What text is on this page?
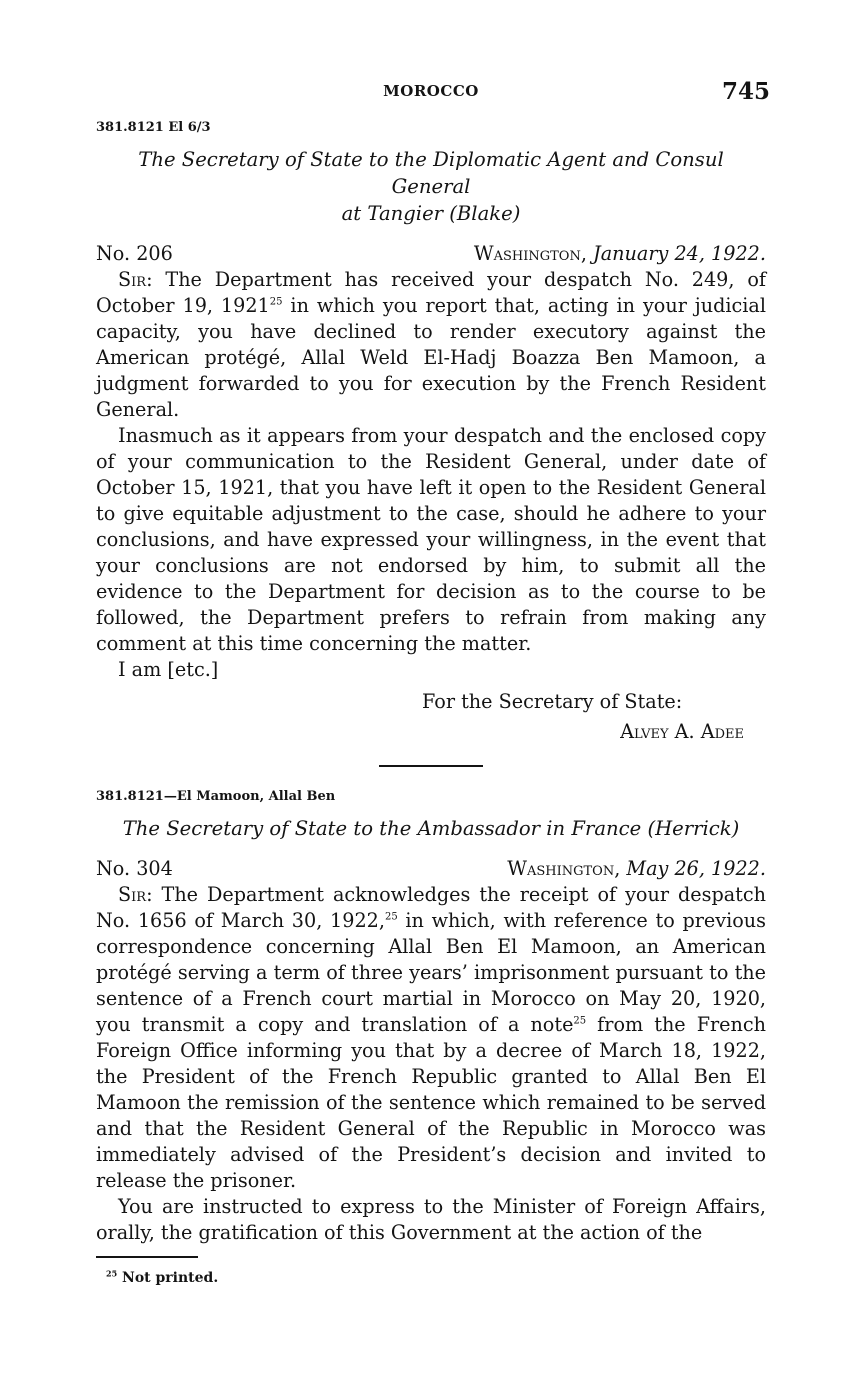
MOROCCO	745
381.8121 El 6/3
The Secretary of State to the Diplomatic Agent and Consul General
at Tangier (Blake)
No. 206	Washington, January 24, 1922.

Sir: The Department has received your despatch No. 249, of October 19, 1921$^{25}$ in which you report that, acting in your judicial capacity, you have declined to render executory against the American protégé, Allal Weld El-Hadj Boazza Ben Mamoon, a judgment forwarded to you for execution by the French Resident General.

Inasmuch as it appears from your despatch and the enclosed copy of your communication to the Resident General, under date of October 15, 1921, that you have left it open to the Resident General to give equitable adjustment to the case, should he adhere to your conclusions, and have expressed your willingness, in the event that your conclusions are not endorsed by him, to submit all the evidence to the Department for decision as to the course to be followed, the Department prefers to refrain from making any comment at this time concerning the matter.

I am [etc.]
For the Secretary of State:
Alvey A. Adee
381.8121—El Mamoon, Allal Ben
The Secretary of State to the Ambassador in France (Herrick)
No. 304	Washington, May 26, 1922.

Sir: The Department acknowledges the receipt of your despatch No. 1656 of March 30, 1922,25 in which, with reference to previous correspondence concerning Allal Ben El Mamoon, an American protégé serving a term of three years’ imprisonment pursuant to the sentence of a French court martial in Morocco on May 20, 1920, you transmit a copy and translation of a note$^{25}$ from the French Foreign Office informing you that by a decree of March 18, 1922, the President of the French Republic granted to Allal Ben El Mamoon the remission of the sentence which remained to be served and that the Resident General of the Republic in Morocco was immediately advised of the President’s decision and invited to release the prisoner.

You are instructed to express to the Minister of Foreign Affairs, orally, the gratification of this Government at the action of the

$^{25}$ Not printed.
